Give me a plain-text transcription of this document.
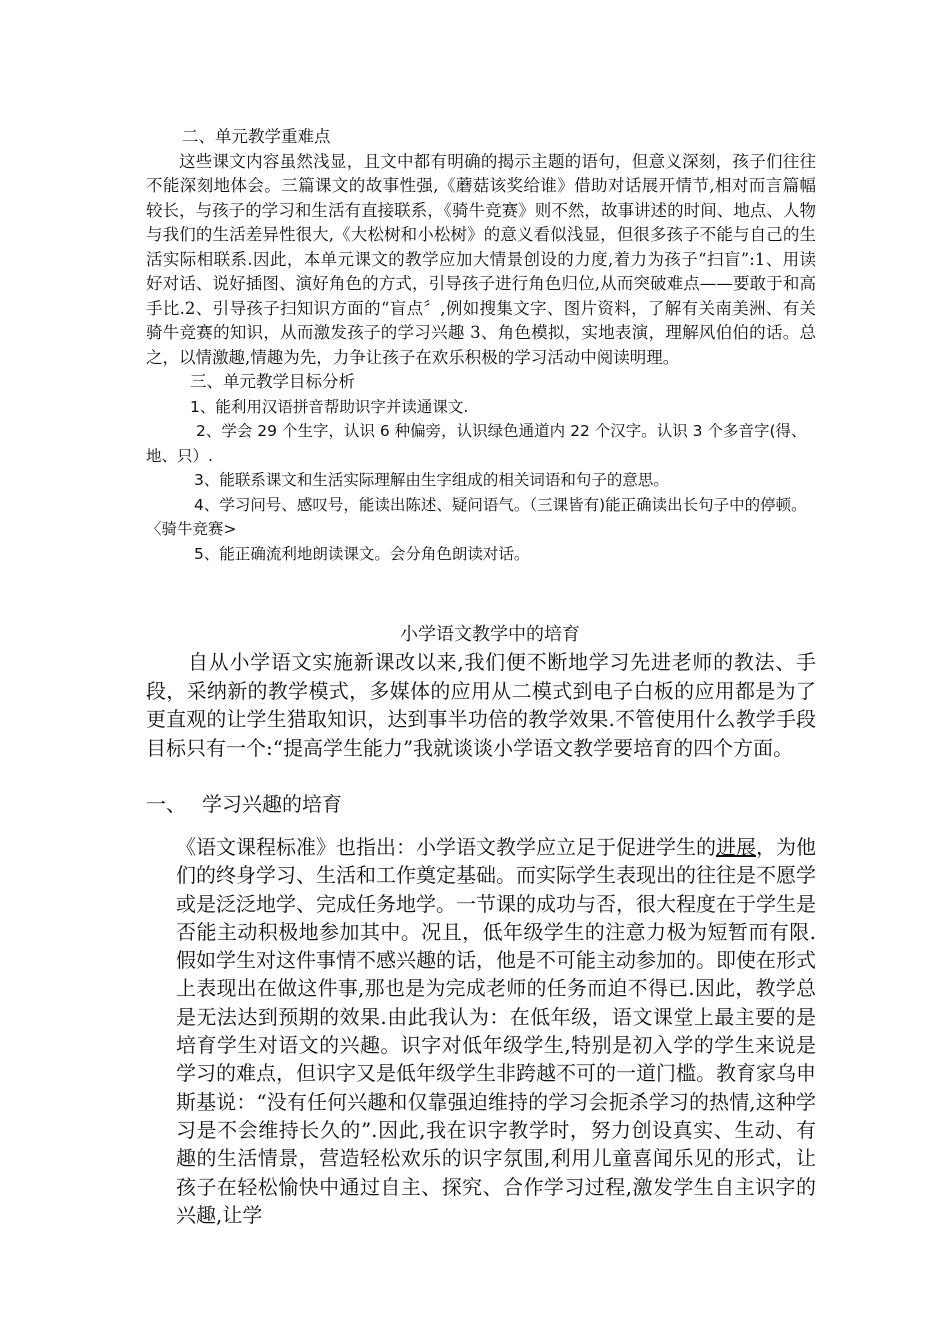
二、单元教学重难点

这些课文内容虽然浅显，且文中都有明确的揭示主题的语句，但意义深刻，孩子们往往不能深刻地体会。三篇课文的故事性强,《蘑菇该奖给谁》借助对话展开情节,相对而言篇幅较长，与孩子的学习和生活有直接联系，《骑牛竞赛》则不然，故事讲述的时间、地点、人物与我们的生活差异性很大,《大松树和小松树》的意义看似浅显，但很多孩子不能与自己的生活实际相联系.因此，本单元课文的教学应加大情景创设的力度,着力为孩子“扫盲”:1、用读好对话、说好插图、演好角色的方式，引导孩子进行角色归位,从而突破难点——要敢于和高手比.2、引导孩子扫知识方面的“盲点〞,例如搜集文字、图片资料，了解有关南美洲、有关骑牛竞赛的知识，从而激发孩子的学习兴趣 3、角色模拟，实地表演，理解风伯伯的话。总之，以情激趣,情趣为先，力争让孩子在欢乐积极的学习活动中阅读明理。

三、单元教学目标分析
1、能利用汉语拼音帮助识字并读通课文.
2、学会 29 个生字，认识 6 种偏旁，认识绿色通道内 22 个汉字。认识 3 个多音字(得、地、只）.
3、能联系课文和生活实际理解由生字组成的相关词语和句子的意思。
4、学习问号、感叹号，能读出陈述、疑问语气。（三课皆有)能正确读出长句子中的停顿。〈骑牛竞赛>
5、能正确流利地朗读课文。会分角色朗读对话。
小学语文教学中的培育

自从小学语文实施新课改以来,我们便不断地学习先进老师的教法、手段，采纳新的教学模式，多媒体的应用从二模式到电子白板的应用都是为了更直观的让学生猎取知识，达到事半功倍的教学效果.不管使用什么教学手段目标只有一个:“提高学生能力”我就谈谈小学语文教学要培育的四个方面。

一、 学习兴趣的培育

《语文课程标准》也指出：小学语文教学应立足于促进学生的进展，为他们的终身学习、生活和工作奠定基础。而实际学生表现出的往往是不愿学或是泛泛地学、完成任务地学。一节课的成功与否，很大程度在于学生是否能主动积极地参加其中。况且，低年级学生的注意力极为短暂而有限.假如学生对这件事情不感兴趣的话，他是不可能主动参加的。即使在形式上表现出在做这件事,那也是为完成老师的任务而迫不得已.因此，教学总是无法达到预期的效果.由此我认为：在低年级，语文课堂上最主要的是培育学生对语文的兴趣。识字对低年级学生,特别是初入学的学生来说是学习的难点，但识字又是低年级学生非跨越不可的一道门槛。教育家乌申斯基说：“没有任何兴趣和仅靠强迫维持的学习会扼杀学习的热情,这种学习是不会维持长久的”.因此,我在识字教学时，努力创设真实、生动、有趣的生活情景，营造轻松欢乐的识字氛围,利用儿童喜闻乐见的形式，让孩子在轻松愉快中通过自主、探究、合作学习过程,激发学生自主识字的兴趣,让学
